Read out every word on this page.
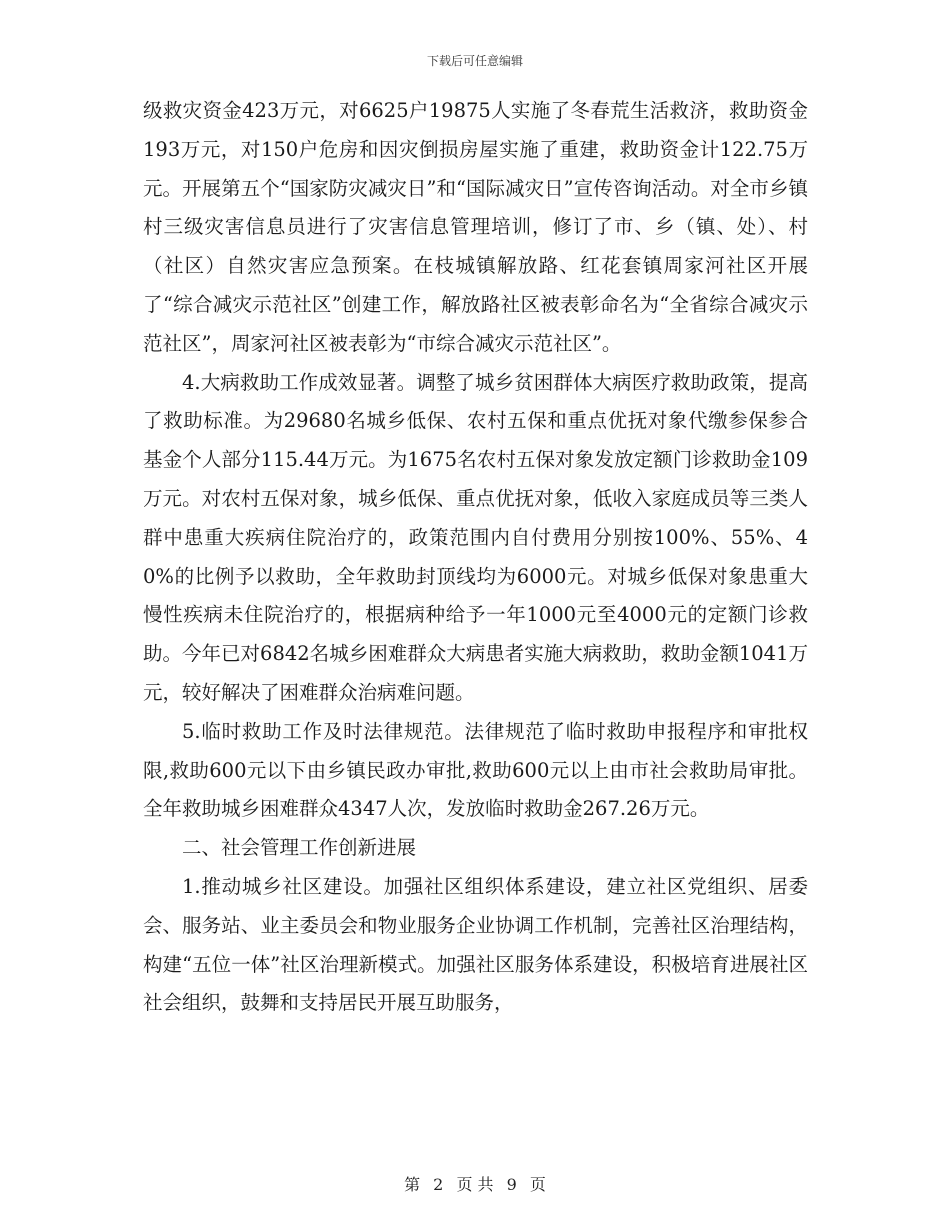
下载后可任意编辑

级救灾资金423万元，对6625户19875人实施了冬春荒生活救济，救助资金193万元，对150户危房和因灾倒损房屋实施了重建，救助资金计122.75万元。开展第五个“国家防灾减灾日”和“国际减灾日”宣传咨询活动。对全市乡镇村三级灾害信息员进行了灾害信息管理培训，修订了市、乡（镇、处）、村（社区）自然灾害应急预案。在枝城镇解放路、红花套镇周家河社区开展了“综合减灾示范社区”创建工作，解放路社区被表彰命名为“全省综合减灾示范社区”，周家河社区被表彰为“市综合减灾示范社区”。

4.大病救助工作成效显著。调整了城乡贫困群体大病医疗救助政策，提高了救助标准。为29680名城乡低保、农村五保和重点优抚对象代缴参保参合基金个人部分115.44万元。为1675名农村五保对象发放定额门诊救助金109万元。对农村五保对象，城乡低保、重点优抚对象，低收入家庭成员等三类人群中患重大疾病住院治疗的，政策范围内自付费用分别按100%、55%、40%的比例予以救助，全年救助封顶线均为6000元。对城乡低保对象患重大慢性疾病未住院治疗的，根据病种给予一年1000元至4000元的定额门诊救助。今年已对6842名城乡困难群众大病患者实施大病救助，救助金额1041万元，较好解决了困难群众治病难问题。

5.临时救助工作及时法律规范。法律规范了临时救助申报程序和审批权限,救助600元以下由乡镇民政办审批,救助600元以上由市社会救助局审批。全年救助城乡困难群众4347人次，发放临时救助金267.26万元。

二、社会管理工作创新进展

1.推动城乡社区建设。加强社区组织体系建设，建立社区党组织、居委会、服务站、业主委员会和物业服务企业协调工作机制，完善社区治理结构，构建“五位一体”社区治理新模式。加强社区服务体系建设，积极培育进展社区社会组织，鼓舞和支持居民开展互助服务，

第 2 页 共 9 页
